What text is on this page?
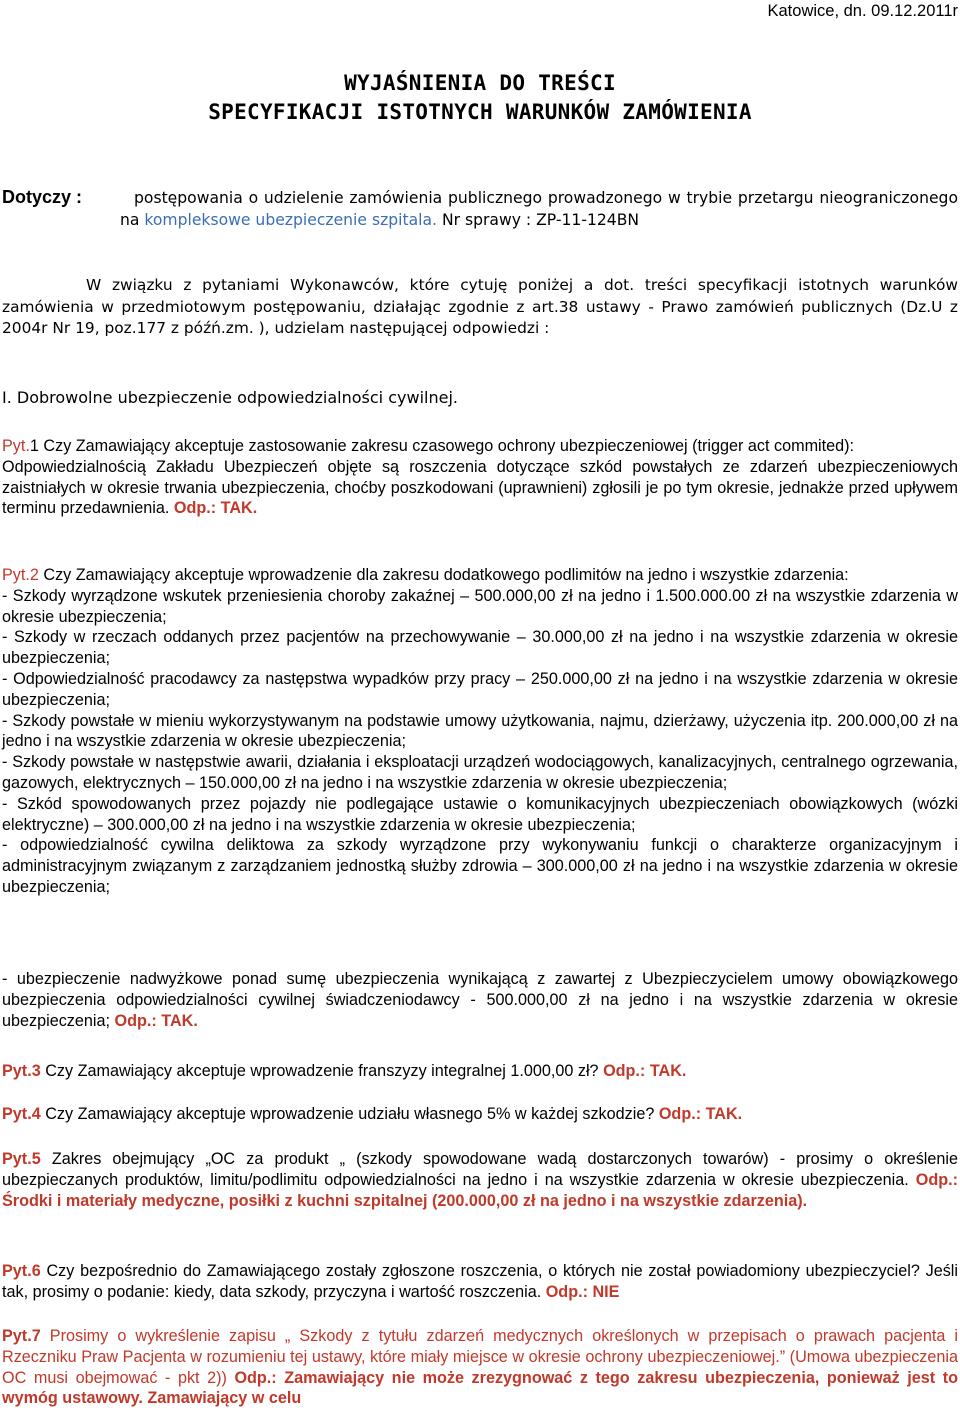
Katowice, dn. 09.12.2011r
WYJAŚNIENIA DO TREŚCI
SPECYFIKACJI ISTOTNYCH WARUNKÓW ZAMÓWIENIA
Dotyczy :	postępowania o udzielenie zamówienia publicznego prowadzonego w trybie przetargu nieograniczonego na kompleksowe ubezpieczenie szpitala. Nr sprawy : ZP-11-124BN
W związku z pytaniami Wykonawców, które cytuję poniżej a dot. treści specyfikacji istotnych warunków zamówienia w przedmiotowym postępowaniu, działając zgodnie z art.38 ustawy - Prawo zamówień publicznych (Dz.U z 2004r Nr 19, poz.177 z późń.zm. ), udzielam następującej odpowiedzi :
I. Dobrowolne ubezpieczenie odpowiedzialności cywilnej.

Pyt.1 Czy Zamawiający akceptuje zastosowanie zakresu czasowego ochrony ubezpieczeniowej (trigger act commited):

Odpowiedzialnością Zakładu Ubezpieczeń objęte są roszczenia dotyczące szkód powstałych ze zdarzeń ubezpieczeniowych zaistniałych w okresie trwania ubezpieczenia, choćby poszkodowani (uprawnieni) zgłosili je po tym okresie, jednakże przed upływem terminu przedawnienia. Odp.: TAK.

Pyt.2 Czy Zamawiający akceptuje wprowadzenie dla zakresu dodatkowego podlimitów na jedno i wszystkie zdarzenia:

- Szkody wyrządzone wskutek przeniesienia choroby zakaźnej – 500.000,00 zł na jedno i 1.500.000.00 zł na wszystkie zdarzenia w okresie ubezpieczenia;

- Szkody w rzeczach oddanych przez pacjentów na przechowywanie – 30.000,00 zł na jedno i na wszystkie zdarzenia w okresie ubezpieczenia;

- Odpowiedzialność pracodawcy za następstwa wypadków przy pracy – 250.000,00 zł na jedno i na wszystkie zdarzenia w okresie ubezpieczenia;

- Szkody powstałe w mieniu wykorzystywanym na podstawie umowy użytkowania, najmu, dzierżawy, użyczenia itp. 200.000,00 zł na jedno i na wszystkie zdarzenia w okresie ubezpieczenia;

- Szkody powstałe w następstwie awarii, działania i eksploatacji urządzeń wodociągowych, kanalizacyjnych, centralnego ogrzewania, gazowych, elektrycznych – 150.000,00 zł na jedno i na wszystkie zdarzenia w okresie ubezpieczenia;

- Szkód spowodowanych przez pojazdy nie podlegające ustawie o komunikacyjnych ubezpieczeniach obowiązkowych (wózki elektryczne) – 300.000,00 zł na jedno i na wszystkie zdarzenia w okresie ubezpieczenia;

- odpowiedzialność cywilna deliktowa za szkody wyrządzone przy wykonywaniu funkcji o charakterze organizacyjnym i administracyjnym związanym z zarządzaniem jednostką służby zdrowia – 300.000,00 zł na jedno i na wszystkie zdarzenia w okresie ubezpieczenia;

- ubezpieczenie nadwyżkowe ponad sumę ubezpieczenia wynikającą z zawartej z Ubezpieczycielem umowy obowiązkowego ubezpieczenia odpowiedzialności cywilnej świadczeniodawcy - 500.000,00 zł na jedno i na wszystkie zdarzenia w okresie ubezpieczenia; Odp.: TAK.

Pyt.3 Czy Zamawiający akceptuje wprowadzenie franszyzy integralnej 1.000,00 zł? Odp.: TAK.

Pyt.4 Czy Zamawiający akceptuje wprowadzenie udziału własnego 5% w każdej szkodzie? Odp.: TAK.

Pyt.5 Zakres obejmujący „OC za produkt „ (szkody spowodowane wadą dostarczonych towarów) - prosimy o określenie ubezpieczanych produktów, limitu/podlimitu odpowiedzialności na jedno i na wszystkie zdarzenia w okresie ubezpieczenia. Odp.: Środki i materiały medyczne, posiłki z kuchni szpitalnej (200.000,00 zł na jedno i na wszystkie zdarzenia).

Pyt.6 Czy bezpośrednio do Zamawiającego zostały zgłoszone roszczenia, o których nie został powiadomiony ubezpieczyciel? Jeśli tak, prosimy o podanie: kiedy, data szkody, przyczyna i wartość roszczenia. Odp.: NIE

Pyt.7 Prosimy o wykreślenie zapisu „ Szkody z tytułu zdarzeń medycznych określonych w przepisach o prawach pacjenta i Rzeczniku Praw Pacjenta w rozumieniu tej ustawy, które miały miejsce w okresie ochrony ubezpieczeniowej.” (Umowa ubezpieczenia OC musi obejmować - pkt 2)) Odp.: Zamawiający nie może zrezygnować z tego zakresu ubezpieczenia, ponieważ jest to wymóg ustawowy. Zamawiający w celu
